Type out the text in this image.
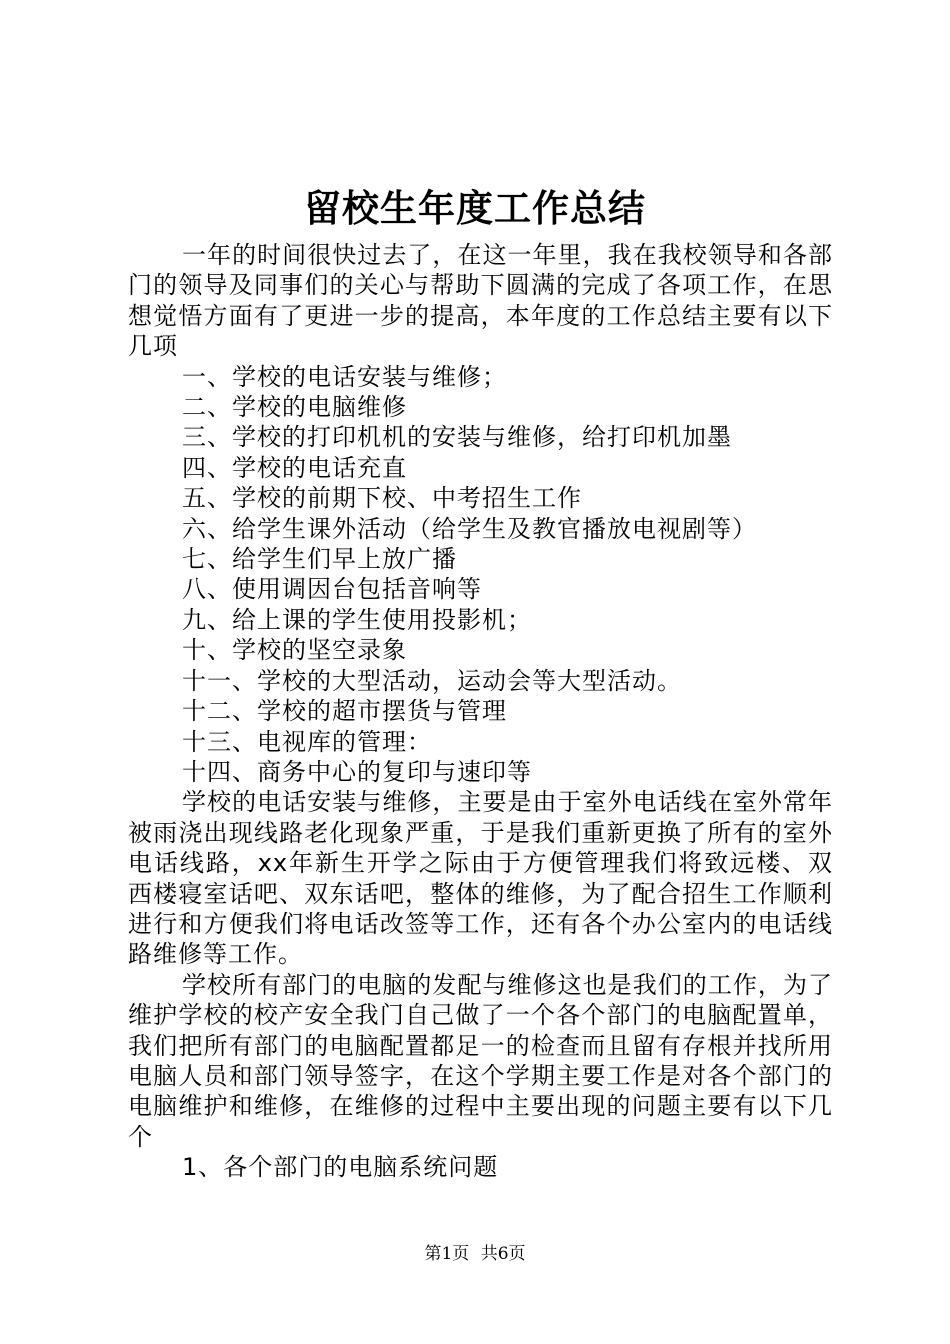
留校生年度工作总结

一年的时间很快过去了，在这一年里，我在我校领导和各部门的领导及同事们的关心与帮助下圆满的完成了各项工作，在思想觉悟方面有了更进一步的提高，本年度的工作总结主要有以下几项

一、学校的电话安装与维修；

二、学校的电脑维修

三、学校的打印机机的安装与维修，给打印机加墨

四、学校的电话充直

五、学校的前期下校、中考招生工作

六、给学生课外活动（给学生及教官播放电视剧等）

七、给学生们早上放广播

八、使用调因台包括音响等

九、给上课的学生使用投影机；

十、学校的坚空录象

十一、学校的大型活动，运动会等大型活动。

十二、学校的超市摆货与管理

十三、电视库的管理：

十四、商务中心的复印与速印等

学校的电话安装与维修，主要是由于室外电话线在室外常年被雨浇出现线路老化现象严重，于是我们重新更换了所有的室外电话线路，xx年新生开学之际由于方便管理我们将致远楼、双西楼寝室话吧、双东话吧，整体的维修，为了配合招生工作顺利进行和方便我们将电话改签等工作，还有各个办公室内的电话线路维修等工作。

学校所有部门的电脑的发配与维修这也是我们的工作，为了维护学校的校产安全我门自己做了一个各个部门的电脑配置单，我们把所有部门的电脑配置都足一的检查而且留有存根并找所用电脑人员和部门领导签字，在这个学期主要工作是对各个部门的电脑维护和维修，在维修的过程中主要出现的问题主要有以下几个

1、各个部门的电脑系统问题

第1页 共6页
